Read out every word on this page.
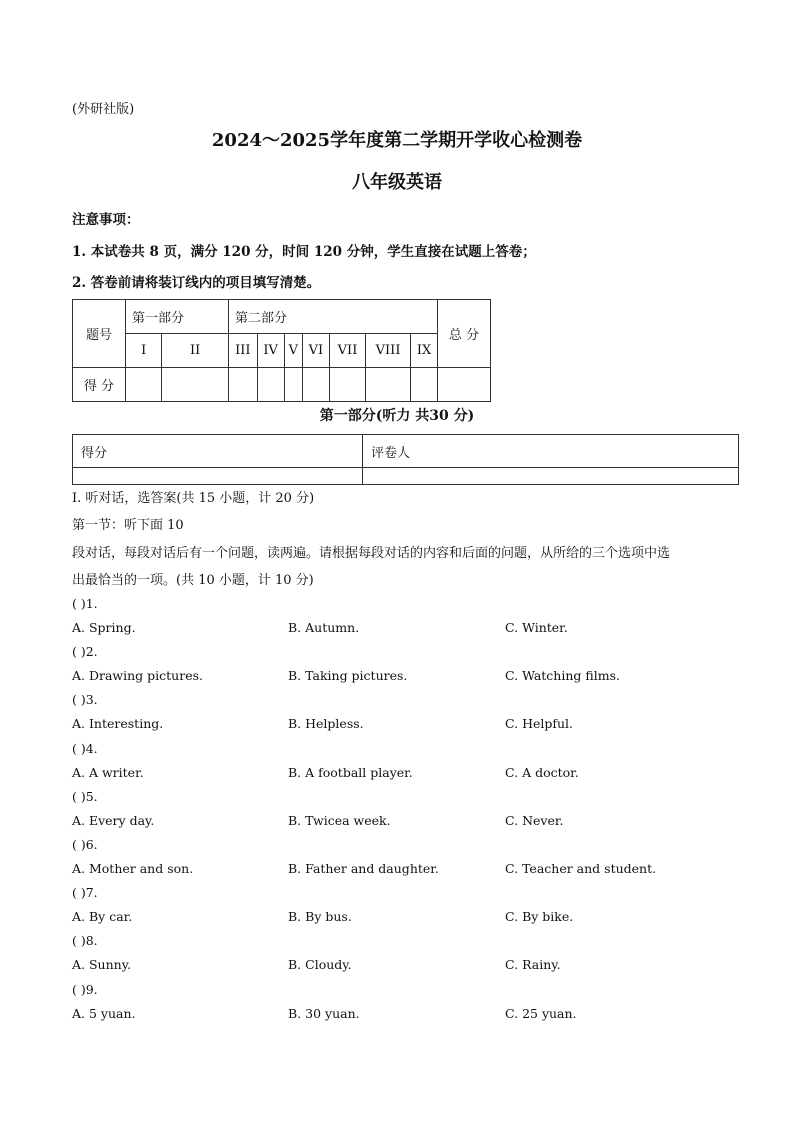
(外研社版)
2024～2025学年度第二学期开学收心检测卷
八年级英语
注意事项：
1. 本试卷共 8 页，满分 120 分，时间 120 分钟，学生直接在试题上答卷；
2. 答卷前请将装订线内的项目填写清楚。
题号	第一部分		第二部分							总 分
	I	II	III	IV	V	VI	VII	VIII	IX	
得 分										
第一部分(听力 共30 分)
得分	评卷人

I. 听对话，选答案(共 15 小题，计 20 分)
第一节：听下面 10
段对话，每段对话后有一个问题，读两遍。请根据每段对话的内容和后面的问题，从所给的三个选项中选
出最恰当的一项。(共 10 小题，计 10 分)
( )1.
A. Spring.	B. Autumn.	C. Winter.
( )2.
A. Drawing pictures.	B. Taking pictures.	C. Watching films.
( )3.
A. Interesting.	B. Helpless.	C. Helpful.
( )4.
A. A writer.	B. A football player.	C. A doctor.
( )5.
A. Every day.	B. Twicea week.	C. Never.
( )6.
A. Mother and son.	B. Father and daughter.	C. Teacher and student.
( )7.
A. By car.	B. By bus.	C. By bike.
( )8.
A. Sunny.	B. Cloudy.	C. Rainy.
( )9.
A. 5 yuan.	B. 30 yuan.	C. 25 yuan.
